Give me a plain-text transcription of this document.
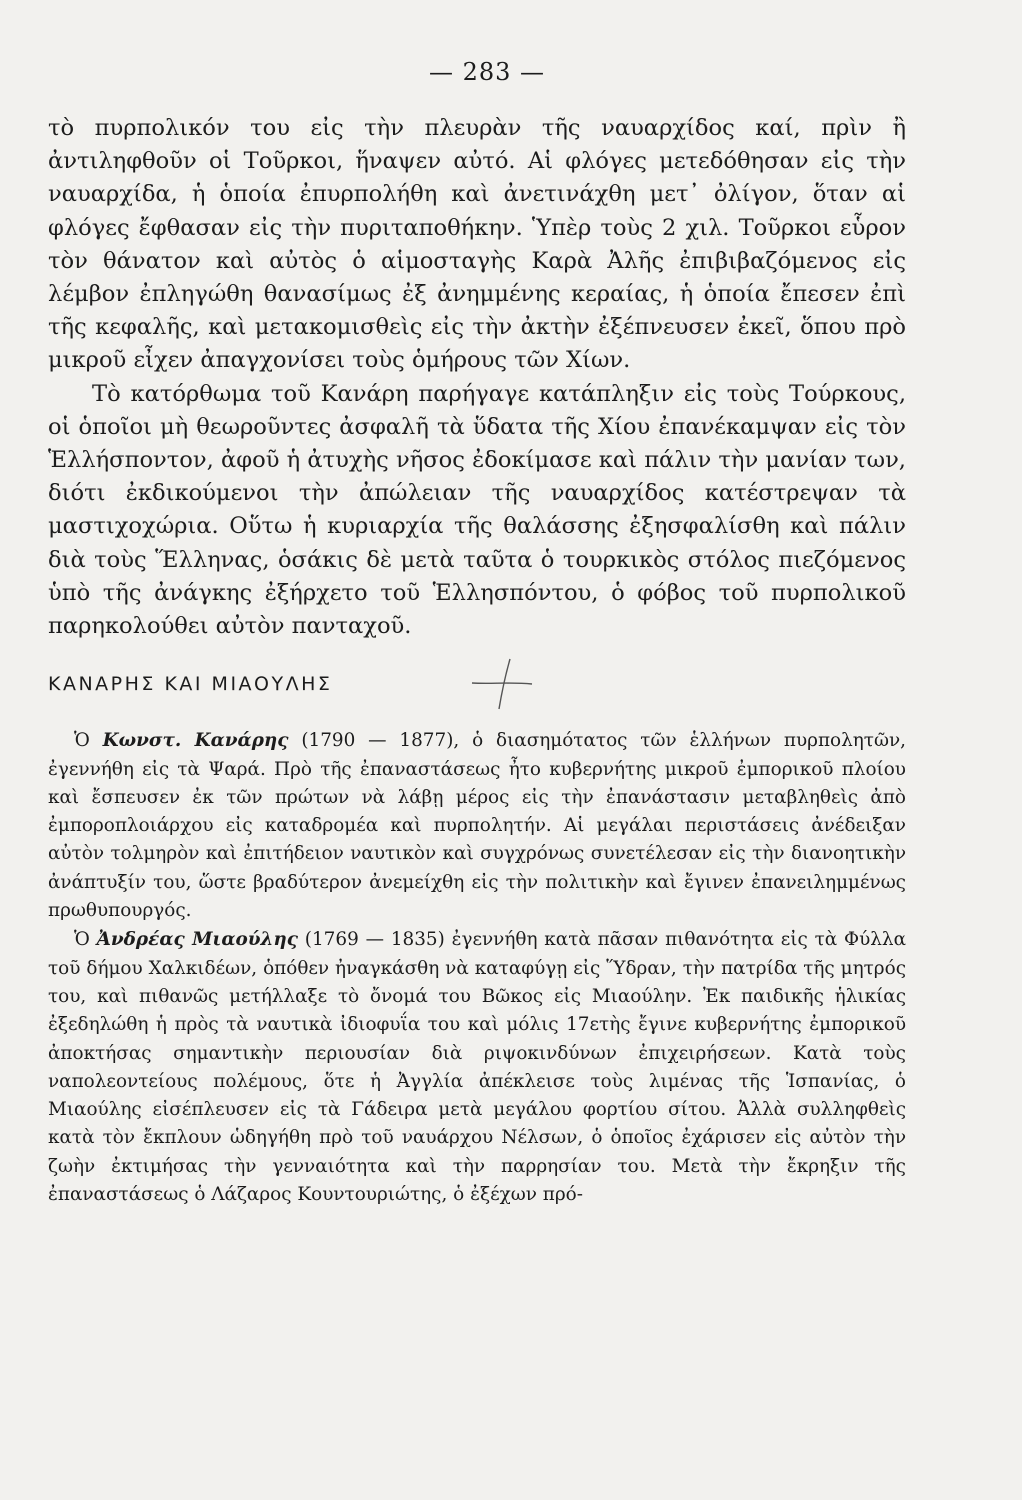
— 283 —

τὸ πυρπολικόν του εἰς τὴν πλευρὰν τῆς ναυαρχίδος καί, πρὶν ἢ ἀντιληφθοῦν οἱ Τοῦρκοι, ἥναψεν αὐτό. Αἱ φλόγες μετεδόθησαν εἰς τὴν ναυαρχίδα, ἡ ὁποία ἐπυρπολήθη καὶ ἀνετινάχθη μετ᾽ ὀλίγον, ὅταν αἱ φλόγες ἔφθασαν εἰς τὴν πυριταποθήκην. Ὑπὲρ τοὺς 2 χιλ. Τοῦρκοι εὗρον τὸν θάνατον καὶ αὐτὸς ὁ αἱμοσταγὴς Καρὰ Ἀλῆς ἐπιβιβαζόμενος εἰς λέμβον ἐπληγώθη θανασίμως ἐξ ἀνημμένης κεραίας, ἡ ὁποία ἔπεσεν ἐπὶ τῆς κεφαλῆς, καὶ μετακομισθεὶς εἰς τὴν ἀκτὴν ἐξέπνευσεν ἐκεῖ, ὅπου πρὸ μικροῦ εἶχεν ἀπαγχονίσει τοὺς ὁμήρους τῶν Χίων.

Τὸ κατόρθωμα τοῦ Κανάρη παρήγαγε κατάπληξιν εἰς τοὺς Τούρκους, οἱ ὁποῖοι μὴ θεωροῦντες ἀσφαλῆ τὰ ὕδατα τῆς Χίου ἐπανέκαμψαν εἰς τὸν Ἑλλήσποντον, ἀφοῦ ἡ ἀτυχὴς νῆσος ἐδοκίμασε καὶ πάλιν τὴν μανίαν των, διότι ἐκδικούμενοι τὴν ἀπώλειαν τῆς ναυαρχίδος κατέστρεψαν τὰ μαστιχοχώρια. Οὕτω ἡ κυριαρχία τῆς θαλάσσης ἐξησφαλίσθη καὶ πάλιν διὰ τοὺς Ἕλληνας, ὁσάκις δὲ μετὰ ταῦτα ὁ τουρκικὸς στόλος πιεζόμενος ὑπὸ τῆς ἀνάγκης ἐξήρχετο τοῦ Ἑλλησπόντου, ὁ φόβος τοῦ πυρπολικοῦ παρηκολούθει αὐτὸν πανταχοῦ.

ΚΑΝΑΡΗΣ ΚΑΙ ΜΙΑΟΥΛΗΣ

Ὁ Κωνστ. Κανάρης (1790 — 1877), ὁ διασημότατος τῶν ἑλλήνων πυρπολητῶν, ἐγεννήθη εἰς τὰ Ψαρά. Πρὸ τῆς ἐπαναστάσεως ἦτο κυβερνήτης μικροῦ ἐμπορικοῦ πλοίου καὶ ἔσπευσεν ἐκ τῶν πρώτων νὰ λάβῃ μέρος εἰς τὴν ἐπανάστασιν μεταβληθεὶς ἀπὸ ἐμποροπλοιάρχου εἰς καταδρομέα καὶ πυρπολητήν. Αἱ μεγάλαι περιστάσεις ἀνέδειξαν αὐτὸν τολμηρὸν καὶ ἐπιτήδειον ναυτικὸν καὶ συγχρόνως συνετέλεσαν εἰς τὴν διανοητικὴν ἀνάπτυξίν του, ὥστε βραδύτερον ἀνεμείχθη εἰς τὴν πολιτικὴν καὶ ἔγινεν ἐπανειλημμένως πρωθυπουργός.

Ὁ Ἀνδρέας Μιαούλης (1769 — 1835) ἐγεννήθη κατὰ πᾶσαν πιθανότητα εἰς τὰ Φύλλα τοῦ δήμου Χαλκιδέων, ὁπόθεν ἠναγκάσθη νὰ καταφύγῃ εἰς Ὕδραν, τὴν πατρίδα τῆς μητρός του, καὶ πιθανῶς μετήλλαξε τὸ ὄνομά του Βῶκος εἰς Μιαούλην. Ἐκ παιδικῆς ἡλικίας ἐξεδηλώθη ἡ πρὸς τὰ ναυτικὰ ἰδιοφυΐα του καὶ μόλις 17ετὴς ἔγινε κυβερνήτης ἐμπορικοῦ ἀποκτήσας σημαντικὴν περιουσίαν διὰ ριψοκινδύνων ἐπιχειρήσεων. Κατὰ τοὺς ναπολεοντείους πολέμους, ὅτε ἡ Ἀγγλία ἀπέκλεισε τοὺς λιμένας τῆς Ἱσπανίας, ὁ Μιαούλης εἰσέπλευσεν εἰς τὰ Γάδειρα μετὰ μεγάλου φορτίου σίτου. Ἀλλὰ συλληφθεὶς κατὰ τὸν ἔκπλουν ὡδηγήθη πρὸ τοῦ ναυάρχου Νέλσων, ὁ ὁποῖος ἐχάρισεν εἰς αὐτὸν τὴν ζωὴν ἐκτιμήσας τὴν γενναιότητα καὶ τὴν παρρησίαν του. Μετὰ τὴν ἔκρηξιν τῆς ἐπαναστάσεως ὁ Λάζαρος Κουντουριώτης, ὁ ἐξέχων πρό-
